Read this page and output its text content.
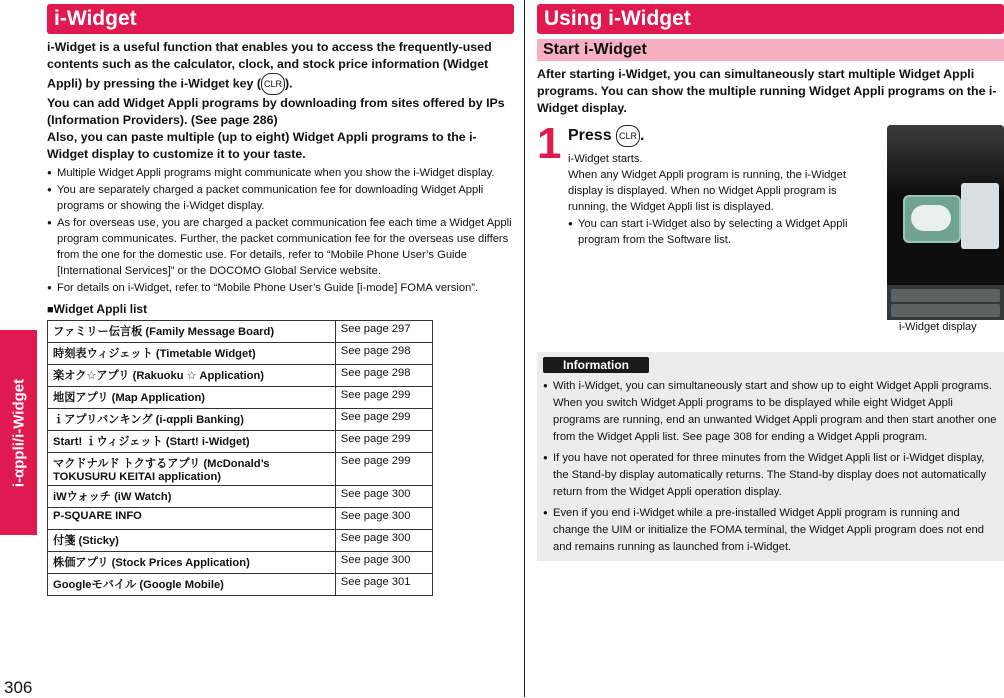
i-αppli/i-Widget
306
i-Widget
i-Widget is a useful function that enables you to access the frequently-used contents such as the calculator, clock, and stock price information (Widget Appli) by pressing the i-Widget key ( CLR ).
You can add Widget Appli programs by downloading from sites offered by IPs (Information Providers). (See page 286)
Also, you can paste multiple (up to eight) Widget Appli programs to the i-Widget display to customize it to your taste.
● Multiple Widget Appli programs might communicate when you show the i-Widget display.
● You are separately charged a packet communication fee for downloading Widget Appli programs or showing the i-Widget display.
● As for overseas use, you are charged a packet communication fee each time a Widget Appli program communicates. Further, the packet communication fee for the overseas use differs from the one for the domestic use. For details, refer to “Mobile Phone User’s Guide [International Services]” or the DOCOMO Global Service website.
● For details on i-Widget, refer to “Mobile Phone User’s Guide [i-mode] FOMA version”.
■Widget Appli list
ファミリー伝言板 (Family Message Board)	See page 297
時刻表ウィジェット (Timetable Widget)	See page 298
楽オク☆アプリ (Rakuoku ☆ Application)	See page 298
地図アプリ (Map Application)	See page 299
ｉアプリバンキング (i-αppli Banking)	See page 299
Start! ｉウィジェット (Start! i-Widget)	See page 299
マクドナルド トクするアプリ (McDonald’s TOKUSURU KEITAI application)	See page 299
iWウォッチ (iW Watch)	See page 300
P-SQUARE INFO	See page 300
付箋 (Sticky)	See page 300
株価アプリ (Stock Prices Application)	See page 300
Googleモバイル (Google Mobile)	See page 301
Using i-Widget
Start i-Widget
After starting i-Widget, you can simultaneously start multiple Widget Appli programs. You can show the multiple running Widget Appli programs on the i-Widget display.
1 Press CLR .
i-Widget starts.
When any Widget Appli program is running, the i-Widget display is displayed. When no Widget Appli program is running, the Widget Appli list is displayed.
● You can start i-Widget also by selecting a Widget Appli program from the Software list.
i-Widget display
Information
● With i-Widget, you can simultaneously start and show up to eight Widget Appli programs. When you switch Widget Appli programs to be displayed while eight Widget Appli programs are running, end an unwanted Widget Appli program and then start another one from the Widget Appli list. See page 308 for ending a Widget Appli program.
● If you have not operated for three minutes from the Widget Appli list or i-Widget display, the Stand-by display automatically returns. The Stand-by display does not automatically return from the Widget Appli operation display.
● Even if you end i-Widget while a pre-installed Widget Appli program is running and change the UIM or initialize the FOMA terminal, the Widget Appli program does not end and remains running as launched from i-Widget.
